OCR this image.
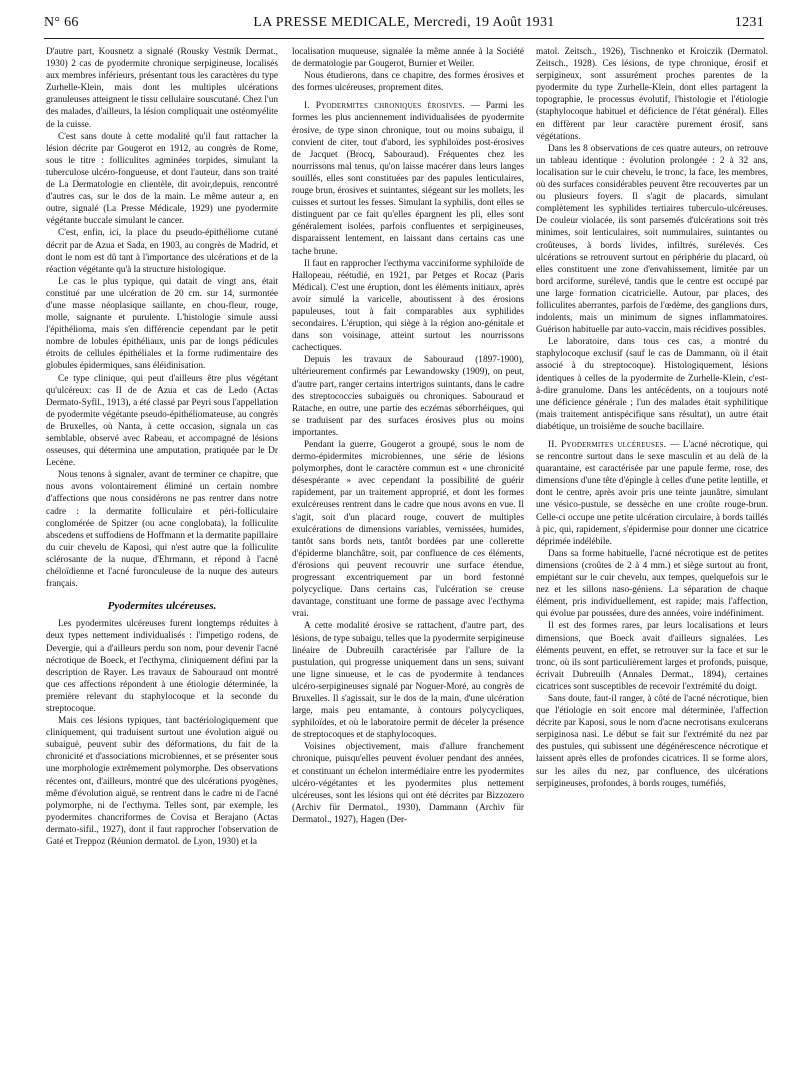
N° 66	LA PRESSE MEDICALE, Mercredi, 19 Août 1931	1231

D'autre part, Kousnetz a signalé (Rousky Vestnik Dermat., 1930) 2 cas de pyodermite chronique serpigineuse, localisés aux membres inférieurs, présentant tous les caractères du type Zurhelle-Klein, mais dont les multiples ulcérations granuleuses atteignent le tissu cellulaire souscutané. Chez l'un des malades, d'ailleurs, la lésion compliquait une ostéomyélite de la cuisse.

C'est sans doute à cette modalité qu'il faut rattacher la lésion décrite par Gougerot en 1912, au congrès de Rome, sous le titre : folliculites agminées torpides, simulant la tuberculose ulcéro-fongueuse, et dont l'auteur, dans son traité de La Dermatologie en clientèle, dit avoir,depuis, rencontré d'autres cas, sur le dos de la main. Le même auteur a, en outre, signalé (La Presse Médicale, 1929) une pyodermite végétante buccale simulant le cancer.

C'est, enfin, ici, la place du pseudo-épithéliome cutané décrit par de Azua et Sada, en 1903, au congrès de Madrid, et dont le nom est dû tant à l'importance des ulcérations et de la réaction végétante qu'à la structure histologique.

Le cas le plus typique, qui datait de vingt ans, était constitué par une ulcération de 20 cm. sur 14, surmontée d'une masse néoplasique saillante, en chou-fleur, rouge, molle, saignante et purulente. L'histologie simule aussi l'épithélioma, mais s'en différencie cependant par le petit nombre de lobules épithéliaux, unis par de longs pédicules étroits de cellules épithéliales et la forme rudimentaire des globules épidermiques, sans éléidinisation.

Ce type clinique, qui peut d'ailleurs être plus végétant qu'ulcéreux: cas II de de Azua et cas de Ledo (Actas Dermato-Syfil., 1913), a été classé par Peyri sous l'appellation de pyodermite végétante pseudo-épithéliomateuse, au congrès de Bruxelles, où Nanta, à cette occasion, signala un cas semblable, observé avec Rabeau, et accompagné de lésions osseuses, qui détermina une amputation, pratiquée par le Dr Lecène.

Nous tenons à signaler, avant de terminer ce chapitre, que nous avons volontairement éliminé un certain nombre d'affections que nous considérons ne pas rentrer dans notre cadre : la dermatite folliculaire et péri-folliculaire conglomérée de Spitzer (ou acne conglobata), la folliculite abscedens et suffodiens de Hoffmann et la dermatite papillaire du cuir chevelu de Kaposi, qui n'est autre que la folliculite sclérosante de la nuque, d'Ehrmann, et répond à l'acné chéloïdienne et l'acné furonculeuse de la nuque des auteurs français.

Pyodermites ulcéreuses.

Les pyodermites ulcéreuses furent longtemps réduites à deux types nettement individualisés : l'impetigo rodens, de Devergie, qui a d'ailleurs perdu son nom, pour devenir l'acné nécrotique de Boeck, et l'ecthyma, cliniquement défini par la description de Rayer. Les travaux de Sabouraud ont montré que ces affections répondent à une étiologie déterminée, la première relevant du staphylocoque et la seconde du streptocoque.

Mais ces lésions typiques, tant bactériologiquement que cliniquement, qui traduisent surtout une évolution aiguë ou subaiguë, peuvent subir des déformations, du fait de la chronicité et d'associations microbiennes, et se présenter sous une morphologie extrêmement polymorphe. Des observations récentes ont, d'ailleurs, montré que des ulcérations pyogènes, même d'évolution aiguë, se rentrent dans le cadre ni de l'acné polymorphe, ni de l'ecthyma. Telles sont, par exemple, les pyodermites chancriformes de Covisa et Berajano (Actas dermato-sifil., 1927), dont il faut rapprocher l'observation de Gaté et Treppoz (Réunion dermatol. de Lyon, 1930) et la

localisation muqueuse, signalée la même année à la Société de dermatologie par Gougerot, Burnier et Weiler.

Nous étudierons, dans ce chapitre, des formes érosives et des formes ulcéreuses, proprement dites.

I. Pyodermites chroniques érosives. — Parmi les formes les plus anciennement individualisées de pyodermite érosive, de type sinon chronique, tout ou moins subaigu, il convient de citer, tout d'abord, les syphiloïdes post-érosives de Jacquet (Brocq, Sabouraud). Fréquentes chez les nourrissons mal tenus, qu'on laisse macérer dans leurs langes souillés, elles sont constituées par des papules lenticulaires, rouge brun, érosives et suintantes, siégeant sur les mollets, les cuisses et surtout les fesses. Simulant la syphilis, dont elles se distinguent par ce fait qu'elles épargnent les pli, elles sont généralement isolées, parfois confluentes et serpigineuses, disparaissent lentement, en laissant dans certains cas une tache brune.

Il faut en rapprocher l'ecthyma vacciniforme syphiloïde de Hallopeau, réétudié, en 1921, par Petges et Rocaz (Paris Médical). C'est une éruption, dont les éléments initiaux, après avoir simulé la varicelle, aboutissent à des érosions papuleuses, tout à fait comparables aux syphilides secondaires. L'éruption, qui siège à la région ano-génitale et dans son voisinage, atteint surtout les nourrissons cachectiques.

Depuis les travaux de Sabouraud (1897-1900), ultérieurement confirmés par Lewandowsky (1909), on peut, d'autre part, ranger certains intertrigos suintants, dans le cadre des streptococcies subaiguës ou chroniques. Sabouraud et Ratache, en outre, une partie des eczémas séborrhéiques, qui se traduisent par des surfaces érosives plus ou moins importantes.

Pendant la guerre, Gougerot a groupé, sous le nom de dermo-épidermites microbiennes, une série de lésions polymorphes, dont le caractère commun est « une chronicité désespérante » avec cependant la possibilité de guérir rapidement, par un traitement approprié, et dont les formes exulcéreuses rentrent dans le cadre que nous avons en vue. Il s'agit, soit d'un placard rouge, couvert de multiples exulcérations de dimensions variables, vernissées, humides, tantôt sans bords nets, tantôt bordées par une collerette d'épiderme blanchâtre, soit, par confluence de ces éléments, d'érosions qui peuvent recouvrir une surface étendue, progressant excentriquement par un bord festonné polycyclique. Dans certains cas, l'ulcération se creuse davantage, constituant une forme de passage avec l'ecthyma vrai.

A cette modalité érosive se rattachent, d'autre part, des lésions, de type subaigu, telles que la pyodermite serpigineuse linéaire de Dubreuilh caractérisée par l'allure de la pustulation, qui progresse uniquement dans un sens, suivant une ligne sinueuse, et le cas de pyodermite à tendances ulcéro-serpigineuses signalé par Noguer-Moré, au congrès de Bruxelles. Il s'agissait, sur le dos de la main, d'une ulcération large, mais peu entamante, à contours polycycliques, syphiloïdes, et où le laboratoire permit de déceler la présence de streptocoques et de staphylocoques.

Voisines objectivement, mais d'allure franchement chronique, puisqu'elles peuvent évoluer pendant des années, et constituant un échelon intermédiaire entre les pyodermites ulcéro-végétantes et les pyodermites plus nettement ulcéreuses, sont les lésions qui ont été décrites par Bizzozero (Archiv für Dermatol., 1930), Dammann (Archiv für Dermatol., 1927), Hagen (Der-

matol. Zeitsch., 1926), Tischnenko et Kroiczik (Dermatol. Zeitsch., 1928). Ces lésions, de type chronique, érosif et serpigineux, sont assurément proches parentes de la pyodermite du type Zurhelle-Klein, dont elles partagent la topographie, le processus évolutif, l'histologie et l'étiologie (staphylocoque habituel et déficience de l'état général). Elles en diffèrent par leur caractère purement érosif, sans végétations.

Dans les 8 observations de ces quatre auteurs, on retrouve un tableau identique : évolution prolongée : 2 à 32 ans, localisation sur le cuir chevelu, le tronc, la face, les membres, où des surfaces considérables peuvent être recouvertes par un ou plusieurs foyers. Il s'agit de placards, simulant complètement les syphilides tertiaires tuberculo-ulcéreuses. De couleur violacée, ils sont parsemés d'ulcérations soit très minimes, soit lenticulaires, soit nummulaires, suintantes ou croûteuses, à bords livides, infiltrés, surélevés. Ces ulcérations se retrouvent surtout en périphérie du placard, où elles constituent une zone d'envahissement, limitée par un bord arciforme, surélevé, tandis que le centre est occupé par une large formation cicatricielle. Autour, par places, des folliculites aberrantes, parfois de l'œdème, des ganglions durs, indolents, mais un minimum de signes inflammatoires. Guérison habituelle par auto-vaccin, mais récidives possibles.

Le laboratoire, dans tous ces cas, a montré du staphylocoque exclusif (sauf le cas de Dammann, où il était associé à du streptocoque). Histologiquement, lésions identiques à celles de la pyodermite de Zurhelle-Klein, c'est-à-dire granulome. Dans les antécédents, on a toujours noté une déficience générale ; l'un des malades était syphilitique (mais traitement antispécifique sans résultat), un autre était diabétique, un troisième de souche bacillaire.

II. Pyodermites ulcéreuses. — L'acné nécrotique, qui se rencontre surtout dans le sexe masculin et au delà de la quarantaine, est caractérisée par une papule ferme, rose, des dimensions d'une tête d'épingle à celles d'une petite lentille, et dont le centre, après avoir pris une teinte jaunâtre, simulant une vésico-pustule, se dessèche en une croûte rouge-brun. Celle-ci occupe une petite ulcération circulaire, à bords taillés à pic, qui, rapidement, s'épidermise pour donner une cicatrice déprimée indélébile.

Dans sa forme habituelle, l'acné nécrotique est de petites dimensions (croûtes de 2 à 4 mm.) et siège surtout au front, empiétant sur le cuir chevelu, aux tempes, quelquefois sur le nez et les sillons naso-géniens. La séparation de chaque élément, pris individuellement, est rapide; mais l'affection, qui évolue par poussées, dure des années, voire indéfiniment.

Il est des formes rares, par leurs localisations et leurs dimensions, que Boeck avait d'ailleurs signalées. Les éléments peuvent, en effet, se retrouver sur la face et sur le tronc, où ils sont particulièrement larges et profonds, puisque, écrivait Dubreuilh (Annales Dermat., 1894), certaines cicatrices sont susceptibles de recevoir l'extrémité du doigt.

Sans doute, faut-il ranger, à côté de l'acné nécrotique, bien que l'étiologie en soit encore mal déterminée, l'affection décrite par Kaposi, sous le nom d'acne necrotisans exulcerans serpiginosa nasi. Le début se fait sur l'extrémité du nez par des pustules, qui subissent une dégénérescence nécrotique et laissent après elles de profondes cicatrices. Il se forme alors, sur les ailes du nez, par confluence, des ulcérations serpigineuses, profondes, à bords rouges, tuméfiés,
